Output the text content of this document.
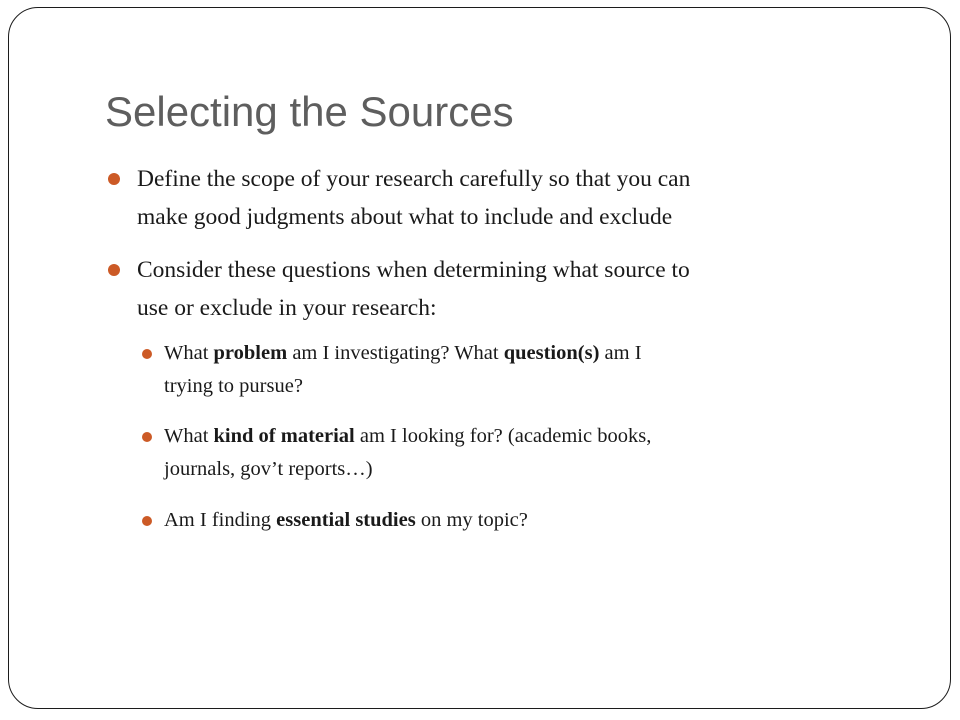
Selecting the Sources
Define the scope of your research carefully so that you can
make good judgments about what to include and exclude
Consider these questions when determining what source to
use or exclude in your research:
What problem am I investigating? What question(s) am I
trying to pursue?
What kind of material am I looking for? (academic books,
journals, gov’t reports…)
Am I finding essential studies on my topic?
